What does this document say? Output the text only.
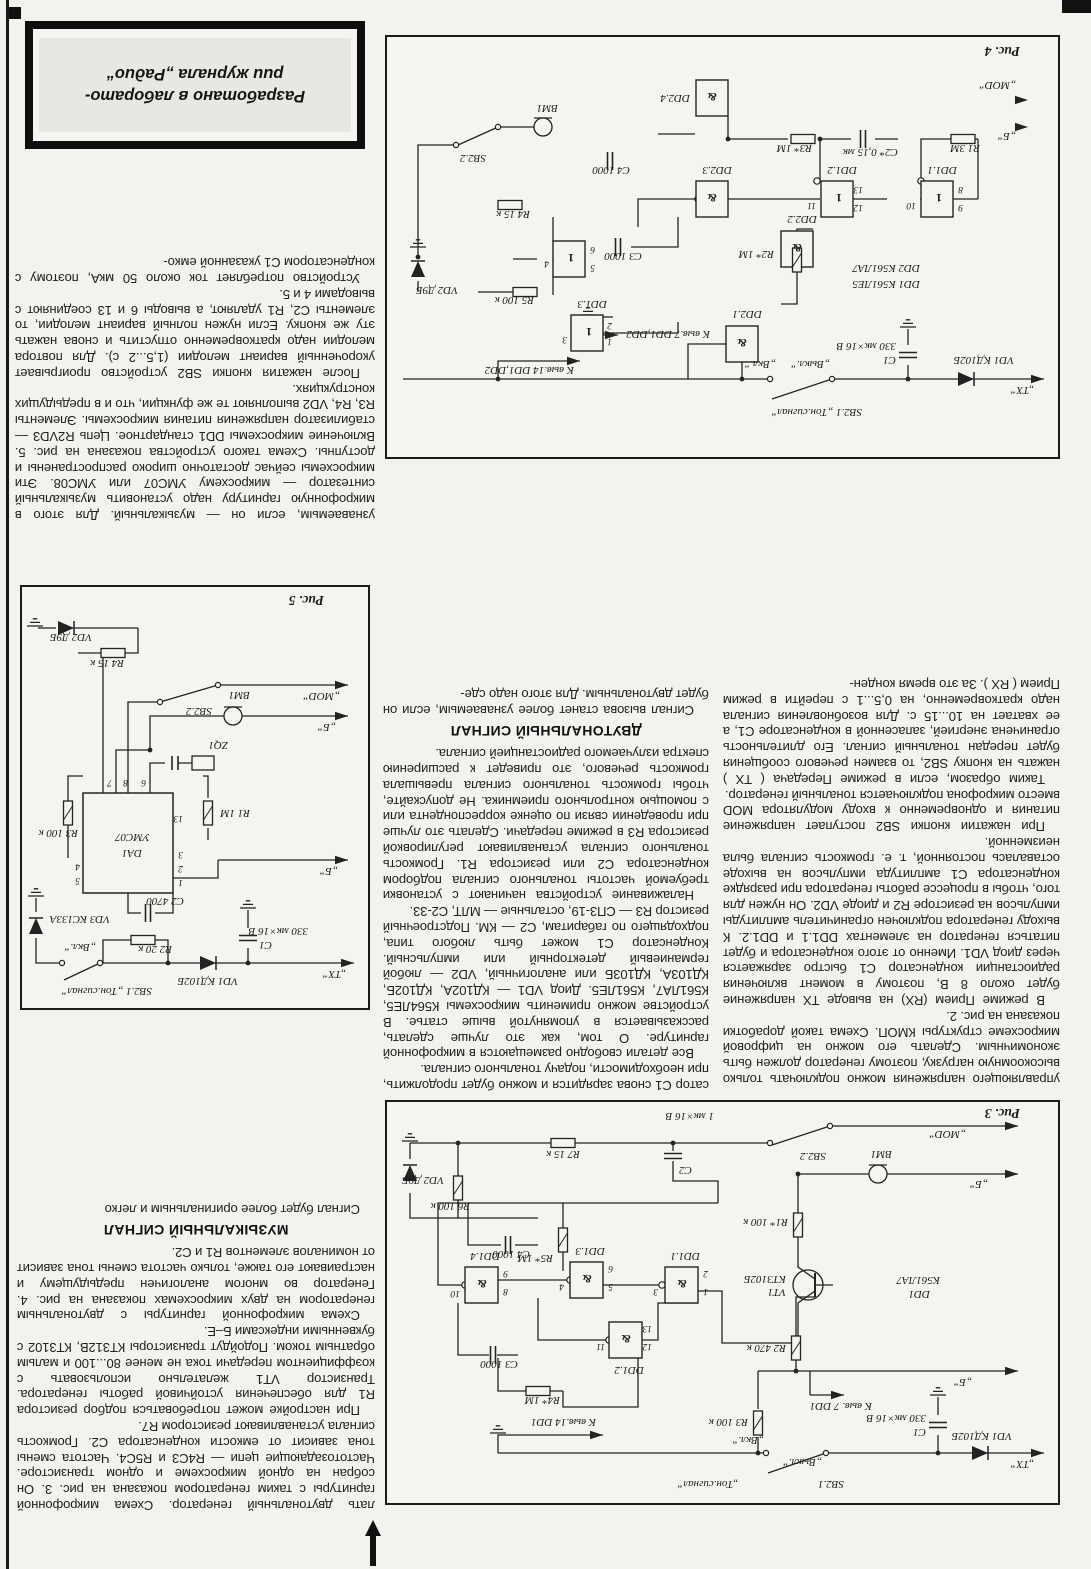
Рис. 3
„ТХ“
VD1 КД102Б
С1
330 мк×16 В
SB2.1
„Тон.сигнал“
„Выкл.“
„Вкл.“
К выв.14 DD1
К выв. 7 DD1
R3 100 к
„Б“
R2 470 к
VT1
КТ3102Б
R1* 100 к
DD1
К561ЛА7
DD1.1
DD1.2
DD1.3
DD1.4
С3 1000
R4* 1М
R5* 1М
С4 1000
R6 100 к
R7 15 к
VD2 Д9Б
С2
1 мк×16 В
BM1
„Б“
SB2.2
„MOD“
&
&
&
&
1
2
3
5
6
4
8
9
10
12
13
11

управляющего напряжения можно подключать только высокоомную нагрузку, поэтому генератор должен быть экономичным. Сделать его можно на цифровой микросхеме структуры КМОП. Схема такой доработки показана на рис. 2.

В режиме Прием (RX) на выводе ТХ напряжение будет около 8 В, поэтому в момент включения радиостанции конденсатор С1 быстро заряжается через диод VD1. Именно от этого конденсатора и будет питаться генератор на элементах DD1.1 и DD1.2. К выходу генератора подключен ограничитель амплитуды импульсов на резисторе R2 и диоде VD2. Он нужен для того, чтобы в процессе работы генератора при разрядке конденсатора С1 амплитуда импульсов на выходе оставалась постоянной, т. е. громкость сигнала была неизменной.

При нажатии кнопки SB2 поступает напряжение питания и одновременно к входу модулятора MOD вместо микрофона подключается тональный генератор.

Таким образом, если в режиме Передача ( ТХ ) нажать на кнопку SB2, то взамен речевого сообщения будет передан тональный сигнал. Его длительность ограничена энергией, запасенной в конденсаторе С1, а ее хватает на 10...15 с. Для возобновления сигнала надо кратковременно, на 0,5...1 с перейти в режим Прием ( RX ). За это время конден-

сатор С1 снова зарядится и можно будет продолжить, при необходимости, подачу тонального сигнала.

Все детали свободно размещаются в микрофонной гарнитуре. О том, как это лучше сделать, рассказывается в упомянутой выше статье. В устройстве можно применить микросхемы К564ЛЕ5, К561ЛА7, К561ЛЕ5. Диод VD1 — КД102А, КД102Б, КД103А, КД103Б или аналогичный, VD2 — любой германиевый детекторный или импульсный. Конденсатор С1 может быть любого типа, подходящего по габаритам, С2 — КМ. Подстроечный резистор R3 — СП3-19, остальные — МЛТ, С2-33.

Налаживание устройства начинают с установки требуемой частоты тонального сигнала подбором конденсатора С2 или резистора R1. Громкость тонального сигнала устанавливают регулировкой резистора R3 в режиме передачи. Сделать это лучше при проведении связи по оценке корреспондента или с помощью контрольного приемника. Не допускайте, чтобы громкость тонального сигнала превышала громкость речевого, это приведет к расширению спектра излучаемого радиостанцией сигнала.

ДВУТОНАЛЬНЫЙ СИГНАЛ

Сигнал вызова станет более узнаваемым, если он будет двутональным. Для этого надо сде-

лать двутональный генератор. Схема микрофонной гарнитуры с таким генератором показана на рис. 3. Он собран на одной микросхеме и одном транзисторе. Частотозадающие цепи — R4C3 и R5C4. Частота смены тона зависит от емкости конденсатора С2. Громкость сигнала устанавливают резистором R7.

При настройке может потребоваться подбор резистора R1 для обеспечения устойчивой работы генератора. Транзистор VT1 желательно использовать с коэффициентом передачи тока не менее 80...100 и малым обратным током. Подойдут транзисторы КТ312В, КТ3102 с буквенными индексами Б–Е.

Схема микрофонной гарнитуры с двутональным генератором на двух микросхемах показана на рис. 4. Генератор во многом аналогичен предыдущему и настраивают его также, только частота смены тона зависит от номиналов элементов R1 и С2.

МУЗЫКАЛЬНЫЙ СИГНАЛ

Сигнал будет более оригинальным и легко

Рис. 5
„ТХ“
VD1 КД102Б
С1
330 мк×16 В
SB2.1 „Тон.сигнал“
„Вкл.“	R2 20 к
С2 4700
VD3 КС133А
DA1
УМС07
R1 1М
R3 100 к
„Б“
ZQ1
BM1
„Б“
SB2.2
„MOD“
R4 15 к
VD2 Д9Б
1
2
3
5
4
13
6
8
7

узнаваемым, если он — музыкальный. Для этого в микрофонную гарнитуру надо установить музыкальный синтезатор — микросхему УМС07 или УМС08. Эти микросхемы сейчас достаточно широко распространены и доступны. Схема такого устройства показана на рис. 5. Включение микросхемы DD1 стандартное. Цепь R2VD3 — стабилизатор напряжения питания микросхемы. Элементы R3, R4, VD2 выполняют те же функции, что и в предыдущих конструкциях.

После нажатия кнопки SB2 устройство проигрывает укороченный вариант мелодии (1,5...2 с). Для повтора мелодии надо кратковременно отпустить и снова нажать эту же кнопку. Если нужен полный вариант мелодии, то элементы С2, R1 удаляют, а выводы 6 и 13 соединяют с выводами 4 и 5.

Устройство потребляет ток около 50 мкА, поэтому с конденсатором С1 указанной емко-

Разработано в лаборато-
рии журнала „Радио“
Рис. 4
„ТХ“
VD1 КД102Б
С1
330 мк×16 В
SB2.1 „Тон.сигнал“
„Выкл.“
„Вкл.“
К выв.14 DD1,DD2
К выв.7 DD1,DD2
DD1 К561ЛЕ5
DD2 К561ЛА7
DD2.1
DD2.2
R2* 1М
DD1.3
R5 100 к
VD2 Д9Б
С3 1000
DD1.1
DD1.2
DD2.3
DD2.4
R1 3М
С2* 0,15 мк
R3* 1М
R4 15 к
С4 1000
BM1
SB2.2
„Б“
„MOD“
&
&
1
1
1
1
&
&
9
8
10
12
13
11
1
2
3
5
6
4
